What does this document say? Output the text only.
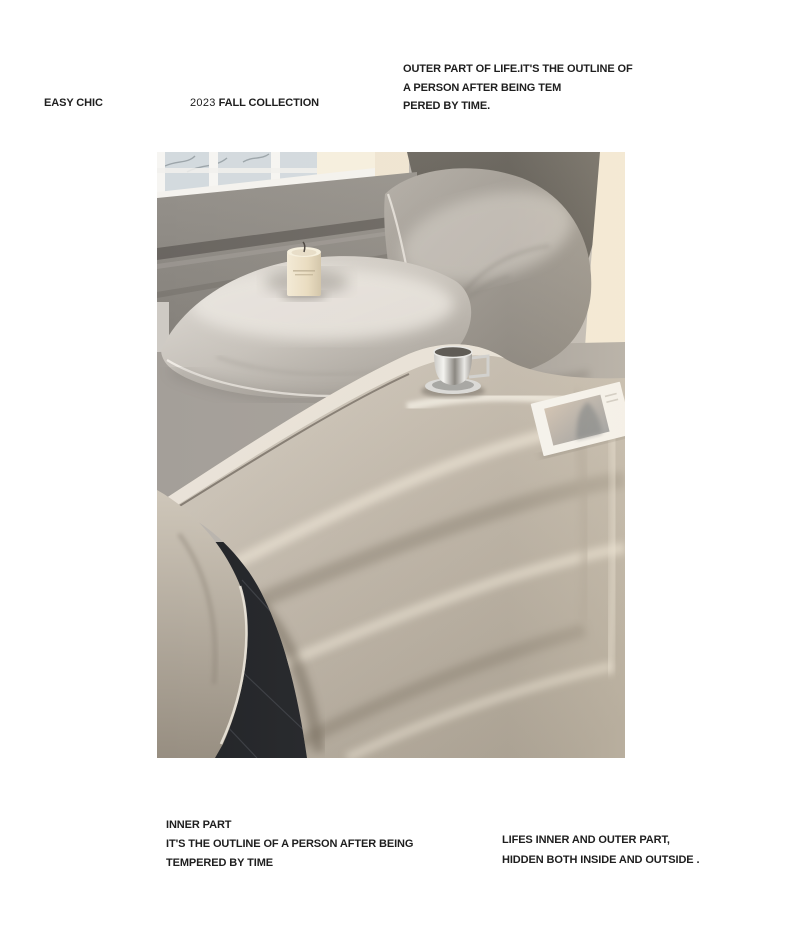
EASY CHIC	2023 FALL COLLECTION
OUTER PART OF LIFE.IT'S THE OUTLINE OF
A PERSON AFTER BEING TEM
PERED BY TIME.
INNER PART
IT'S THE OUTLINE OF A PERSON AFTER BEING
TEMPERED BY TIME
LIFES INNER AND OUTER PART,
HIDDEN BOTH INSIDE AND OUTSIDE .
